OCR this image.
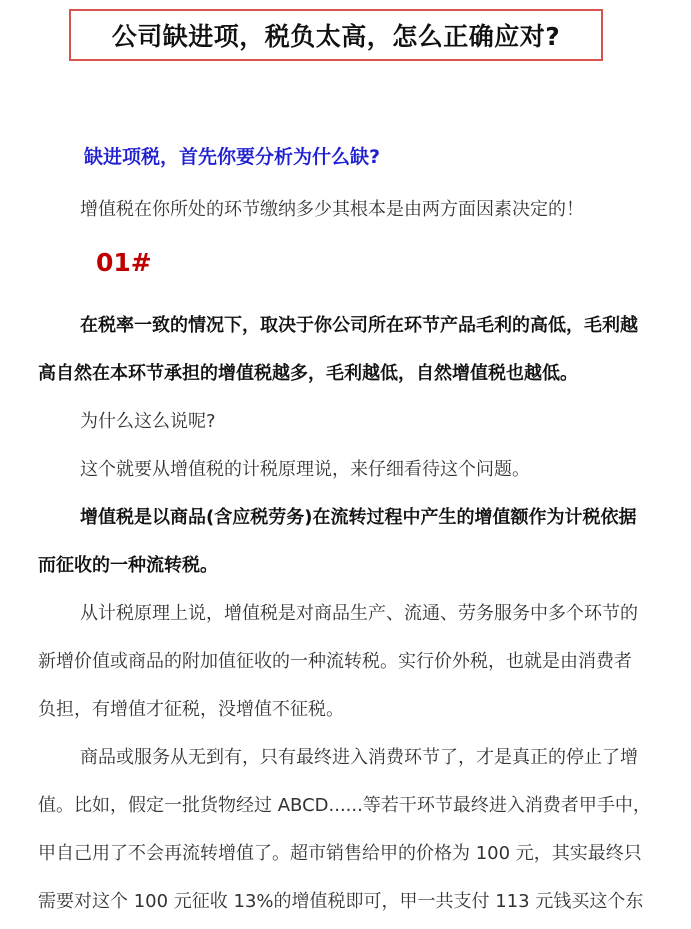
公司缺进项，税负太高，怎么正确应对?
缺进项税，首先你要分析为什么缺?
增值税在你所处的环节缴纳多少其根本是由两方面因素决定的！
01#
在税率一致的情况下，取决于你公司所在环节产品毛利的高低，毛利越
高自然在本环节承担的增值税越多，毛利越低，自然增值税也越低。
为什么这么说呢?
这个就要从增值税的计税原理说，来仔细看待这个问题。
增值税是以商品(含应税劳务)在流转过程中产生的增值额作为计税依据
而征收的一种流转税。
从计税原理上说，增值税是对商品生产、流通、劳务服务中多个环节的
新增价值或商品的附加值征收的一种流转税。实行价外税，也就是由消费者
负担，有增值才征税，没增值不征税。
商品或服务从无到有，只有最终进入消费环节了，才是真正的停止了增
值。比如，假定一批货物经过 ABCD......等若干环节最终进入消费者甲手中，
甲自己用了不会再流转增值了。超市销售给甲的价格为 100 元，其实最终只
需要对这个 100 元征收 13%的增值税即可，甲一共支付 113 元钱买这个东
